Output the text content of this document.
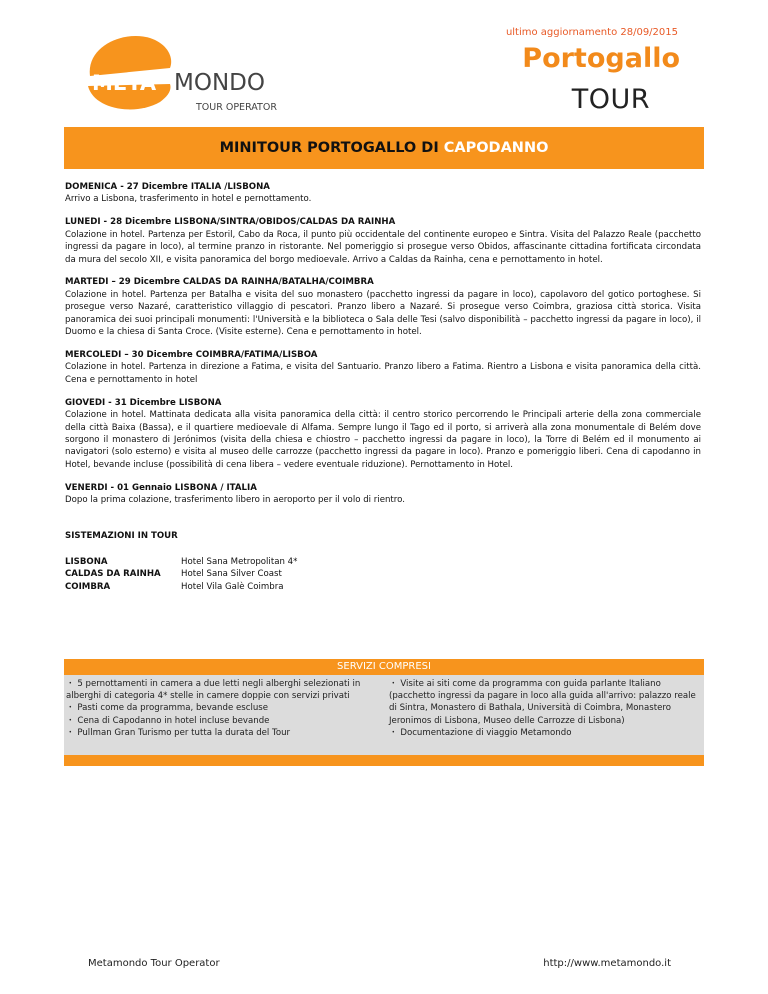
META MONDO
TOUR OPERATOR
ultimo aggiornamento 28/09/2015
Portogallo
TOUR
MINITOUR PORTOGALLO DI CAPODANNO
DOMENICA - 27 Dicembre ITALIA /LISBONA
Arrivo a Lisbona, trasferimento in hotel e pernottamento.
LUNEDI - 28 Dicembre LISBONA/SINTRA/OBIDOS/CALDAS DA RAINHA
Colazione in hotel. Partenza per Estoril, Cabo da Roca, il punto più occidentale del continente europeo e Sintra. Visita del Palazzo Reale (pacchetto ingressi da pagare in loco), al termine pranzo in ristorante. Nel pomeriggio si prosegue verso Obidos, affascinante cittadina fortificata circondata da mura del secolo XII, e visita panoramica del borgo medioevale. Arrivo a Caldas da Rainha, cena e pernottamento in hotel.
MARTEDI – 29 Dicembre CALDAS DA RAINHA/BATALHA/COIMBRA
Colazione in hotel. Partenza per Batalha e visita del suo monastero (pacchetto ingressi da pagare in loco), capolavoro del gotico portoghese. Si prosegue verso Nazaré, caratteristico villaggio di pescatori. Pranzo libero a Nazaré. Si prosegue verso Coimbra, graziosa città storica. Visita panoramica dei suoi principali monumenti: l'Università e la biblioteca o Sala delle Tesi (salvo disponibilità – pacchetto ingressi da pagare in loco), il Duomo e la chiesa di Santa Croce. (Visite esterne). Cena e pernottamento in hotel.
MERCOLEDI – 30 Dicembre COIMBRA/FATIMA/LISBOA
Colazione in hotel. Partenza in direzione a Fatima, e visita del Santuario. Pranzo libero a Fatima. Rientro a Lisbona e visita panoramica della città. Cena e pernottamento in hotel
GIOVEDI - 31 Dicembre LISBONA
Colazione in hotel. Mattinata dedicata alla visita panoramica della città: il centro storico percorrendo le Principali arterie della zona commerciale della città Baixa (Bassa), e il quartiere medioevale di Alfama. Sempre lungo il Tago ed il porto, si arriverà alla zona monumentale di Belém dove sorgono il monastero di Jerónimos (visita della chiesa e chiostro – pacchetto ingressi da pagare in loco), la Torre di Belém ed il monumento ai navigatori (solo esterno) e visita al museo delle carrozze (pacchetto ingressi da pagare in loco). Pranzo e pomeriggio liberi. Cena di capodanno in Hotel, bevande incluse (possibilità di cena libera – vedere eventuale riduzione). Pernottamento in Hotel.
VENERDI - 01 Gennaio LISBONA / ITALIA
Dopo la prima colazione, trasferimento libero in aeroporto per il volo di rientro.
SISTEMAZIONI IN TOUR
LISBONA	Hotel Sana Metropolitan 4*
CALDAS DA RAINHA	Hotel Sana Silver Coast
COIMBRA	Hotel Vila Galè Coimbra
SERVIZI COMPRESI
・ 5 pernottamenti in camera a due letti negli alberghi selezionati in alberghi di categoria 4* stelle in camere doppie con servizi privati
・ Pasti come da programma, bevande escluse
・ Cena di Capodanno in hotel incluse bevande
・ Pullman Gran Turismo per tutta la durata del Tour
・ Visite ai siti come da programma con guida parlante Italiano (pacchetto ingressi da pagare in loco alla guida all'arrivo: palazzo reale di Sintra, Monastero di Bathala, Università di Coimbra, Monastero Jeronimos di Lisbona, Museo delle Carrozze di Lisbona)
・ Documentazione di viaggio Metamondo
Metamondo Tour Operator	http://www.metamondo.it
